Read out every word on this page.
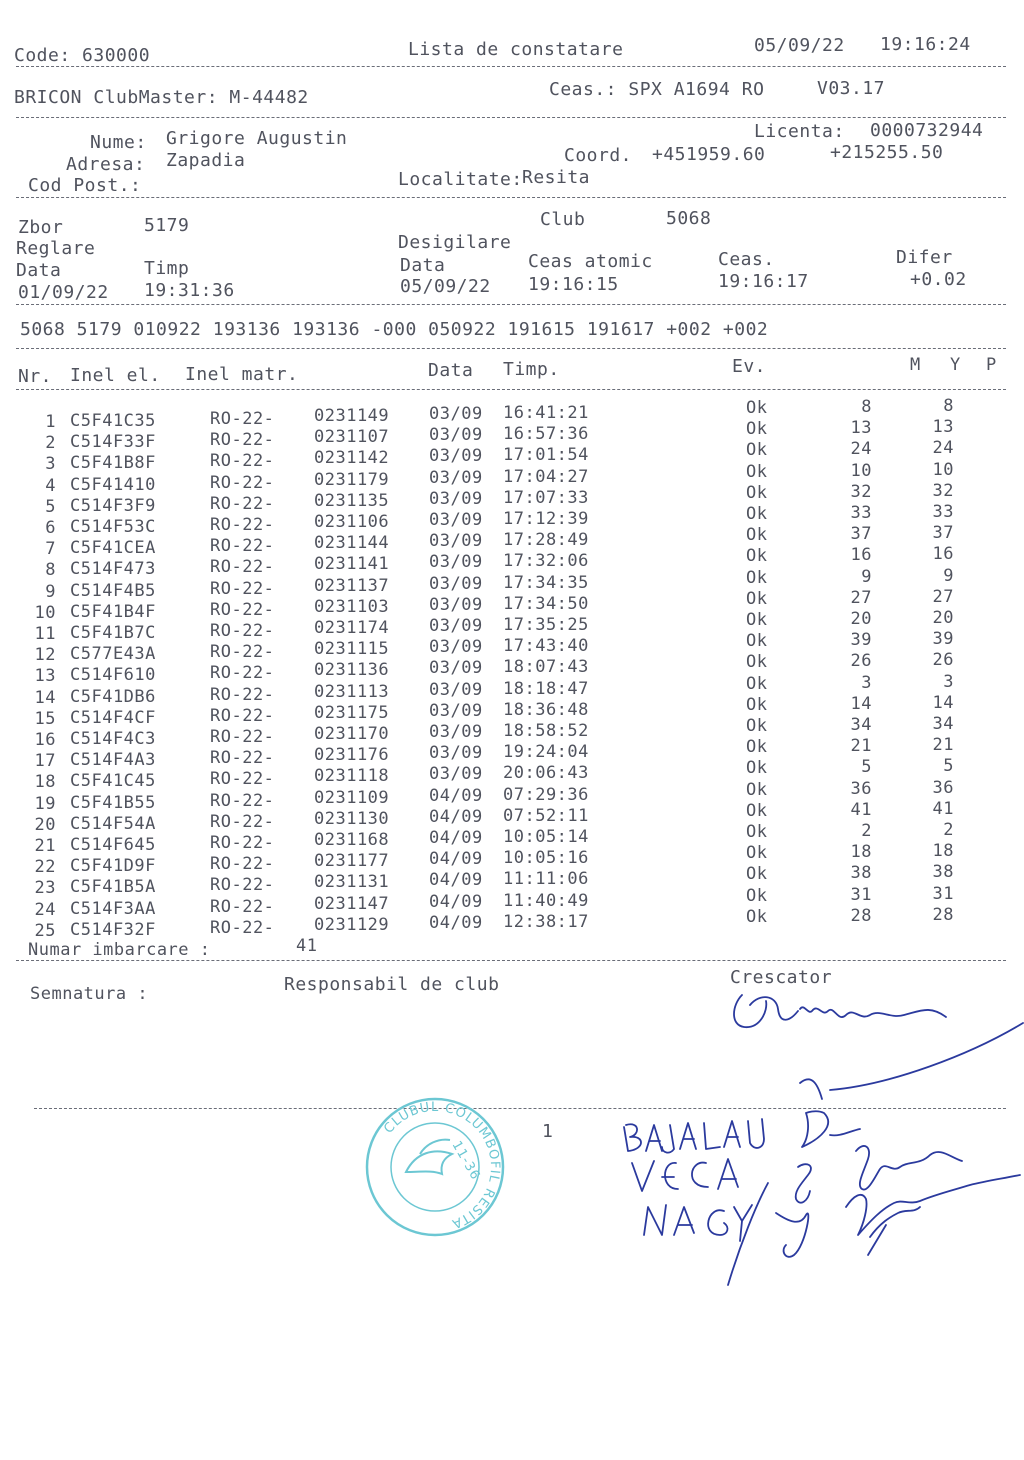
Code: 630000	Lista de constatare	05/09/22 19:16:24
BRICON ClubMaster: M-44482	Ceas.: SPX A1694 RO	V03.17
Nume: Grigore Augustin
Adresa: Zapadia
Cod Post.:
Licenta: 0000732944
Coord. +451959.60	+215255.50
Localitate: Resita
Zbor	5179	Club	5068
Reglare	Desigilare
Data	Timp	Data	Ceas atomic	Ceas.	Difer
01/09/22 19:31:36	05/09/22 19:16:15	19:16:17	+0.02
5068 5179 010922 193136 193136 -000 050922 191615 191617 +002 +002
Nr. Inel el. Inel matr.	Data Timp.	Ev.	M Y P
1 C5F41C35	RO-22- 0231149 03/09 16:41:21	Ok	8	8
2 C514F33F	RO-22- 0231107 03/09 16:57:36	Ok	13	13
3 C5F41B8F	RO-22- 0231142 03/09 17:01:54	Ok	24	24
4 C5F41410	RO-22- 0231179 03/09 17:04:27	Ok	10	10
5 C514F3F9	RO-22- 0231135 03/09 17:07:33	Ok	32	32
6 C514F53C	RO-22- 0231106 03/09 17:12:39	Ok	33	33
7 C5F41CEA	RO-22- 0231144 03/09 17:28:49	Ok	37	37
8 C514F473	RO-22- 0231141 03/09 17:32:06	Ok	16	16
9 C514F4B5	RO-22- 0231137 03/09 17:34:35	Ok	9	9
10 C5F41B4F	RO-22- 0231103 03/09 17:34:50	Ok	27	27
11 C5F41B7C	RO-22- 0231174 03/09 17:35:25	Ok	20	20
12 C577E43A	RO-22- 0231115 03/09 17:43:40	Ok	39	39
13 C514F610	RO-22- 0231136 03/09 18:07:43	Ok	26	26
14 C5F41DB6	RO-22- 0231113 03/09 18:18:47	Ok	3	3
15 C514F4CF	RO-22- 0231175 03/09 18:36:48	Ok	14	14
16 C514F4C3	RO-22- 0231170 03/09 18:58:52	Ok	34	34
17 C514F4A3	RO-22- 0231176 03/09 19:24:04	Ok	21	21
18 C5F41C45	RO-22- 0231118 03/09 20:06:43	Ok	5	5
19 C5F41B55	RO-22- 0231109 04/09 07:29:36	Ok	36	36
20 C514F54A	RO-22- 0231130 04/09 07:52:11	Ok	41	41
21 C514F645	RO-22- 0231168 04/09 10:05:14	Ok	2	2
22 C5F41D9F	RO-22- 0231177 04/09 10:05:16	Ok	18	18
23 C5F41B5A	RO-22- 0231131 04/09 11:11:06	Ok	38	38
24 C514F3AA	RO-22- 0231147 04/09 11:40:49	Ok	31	31
25 C514F32F	RO-22- 0231129 04/09 12:38:17	Ok	28	28
Numar imbarcare :	41
Semnatura :	Responsabil de club	Crescator
CLUBUL COLUMBOFIL RESITA
11-36
1
